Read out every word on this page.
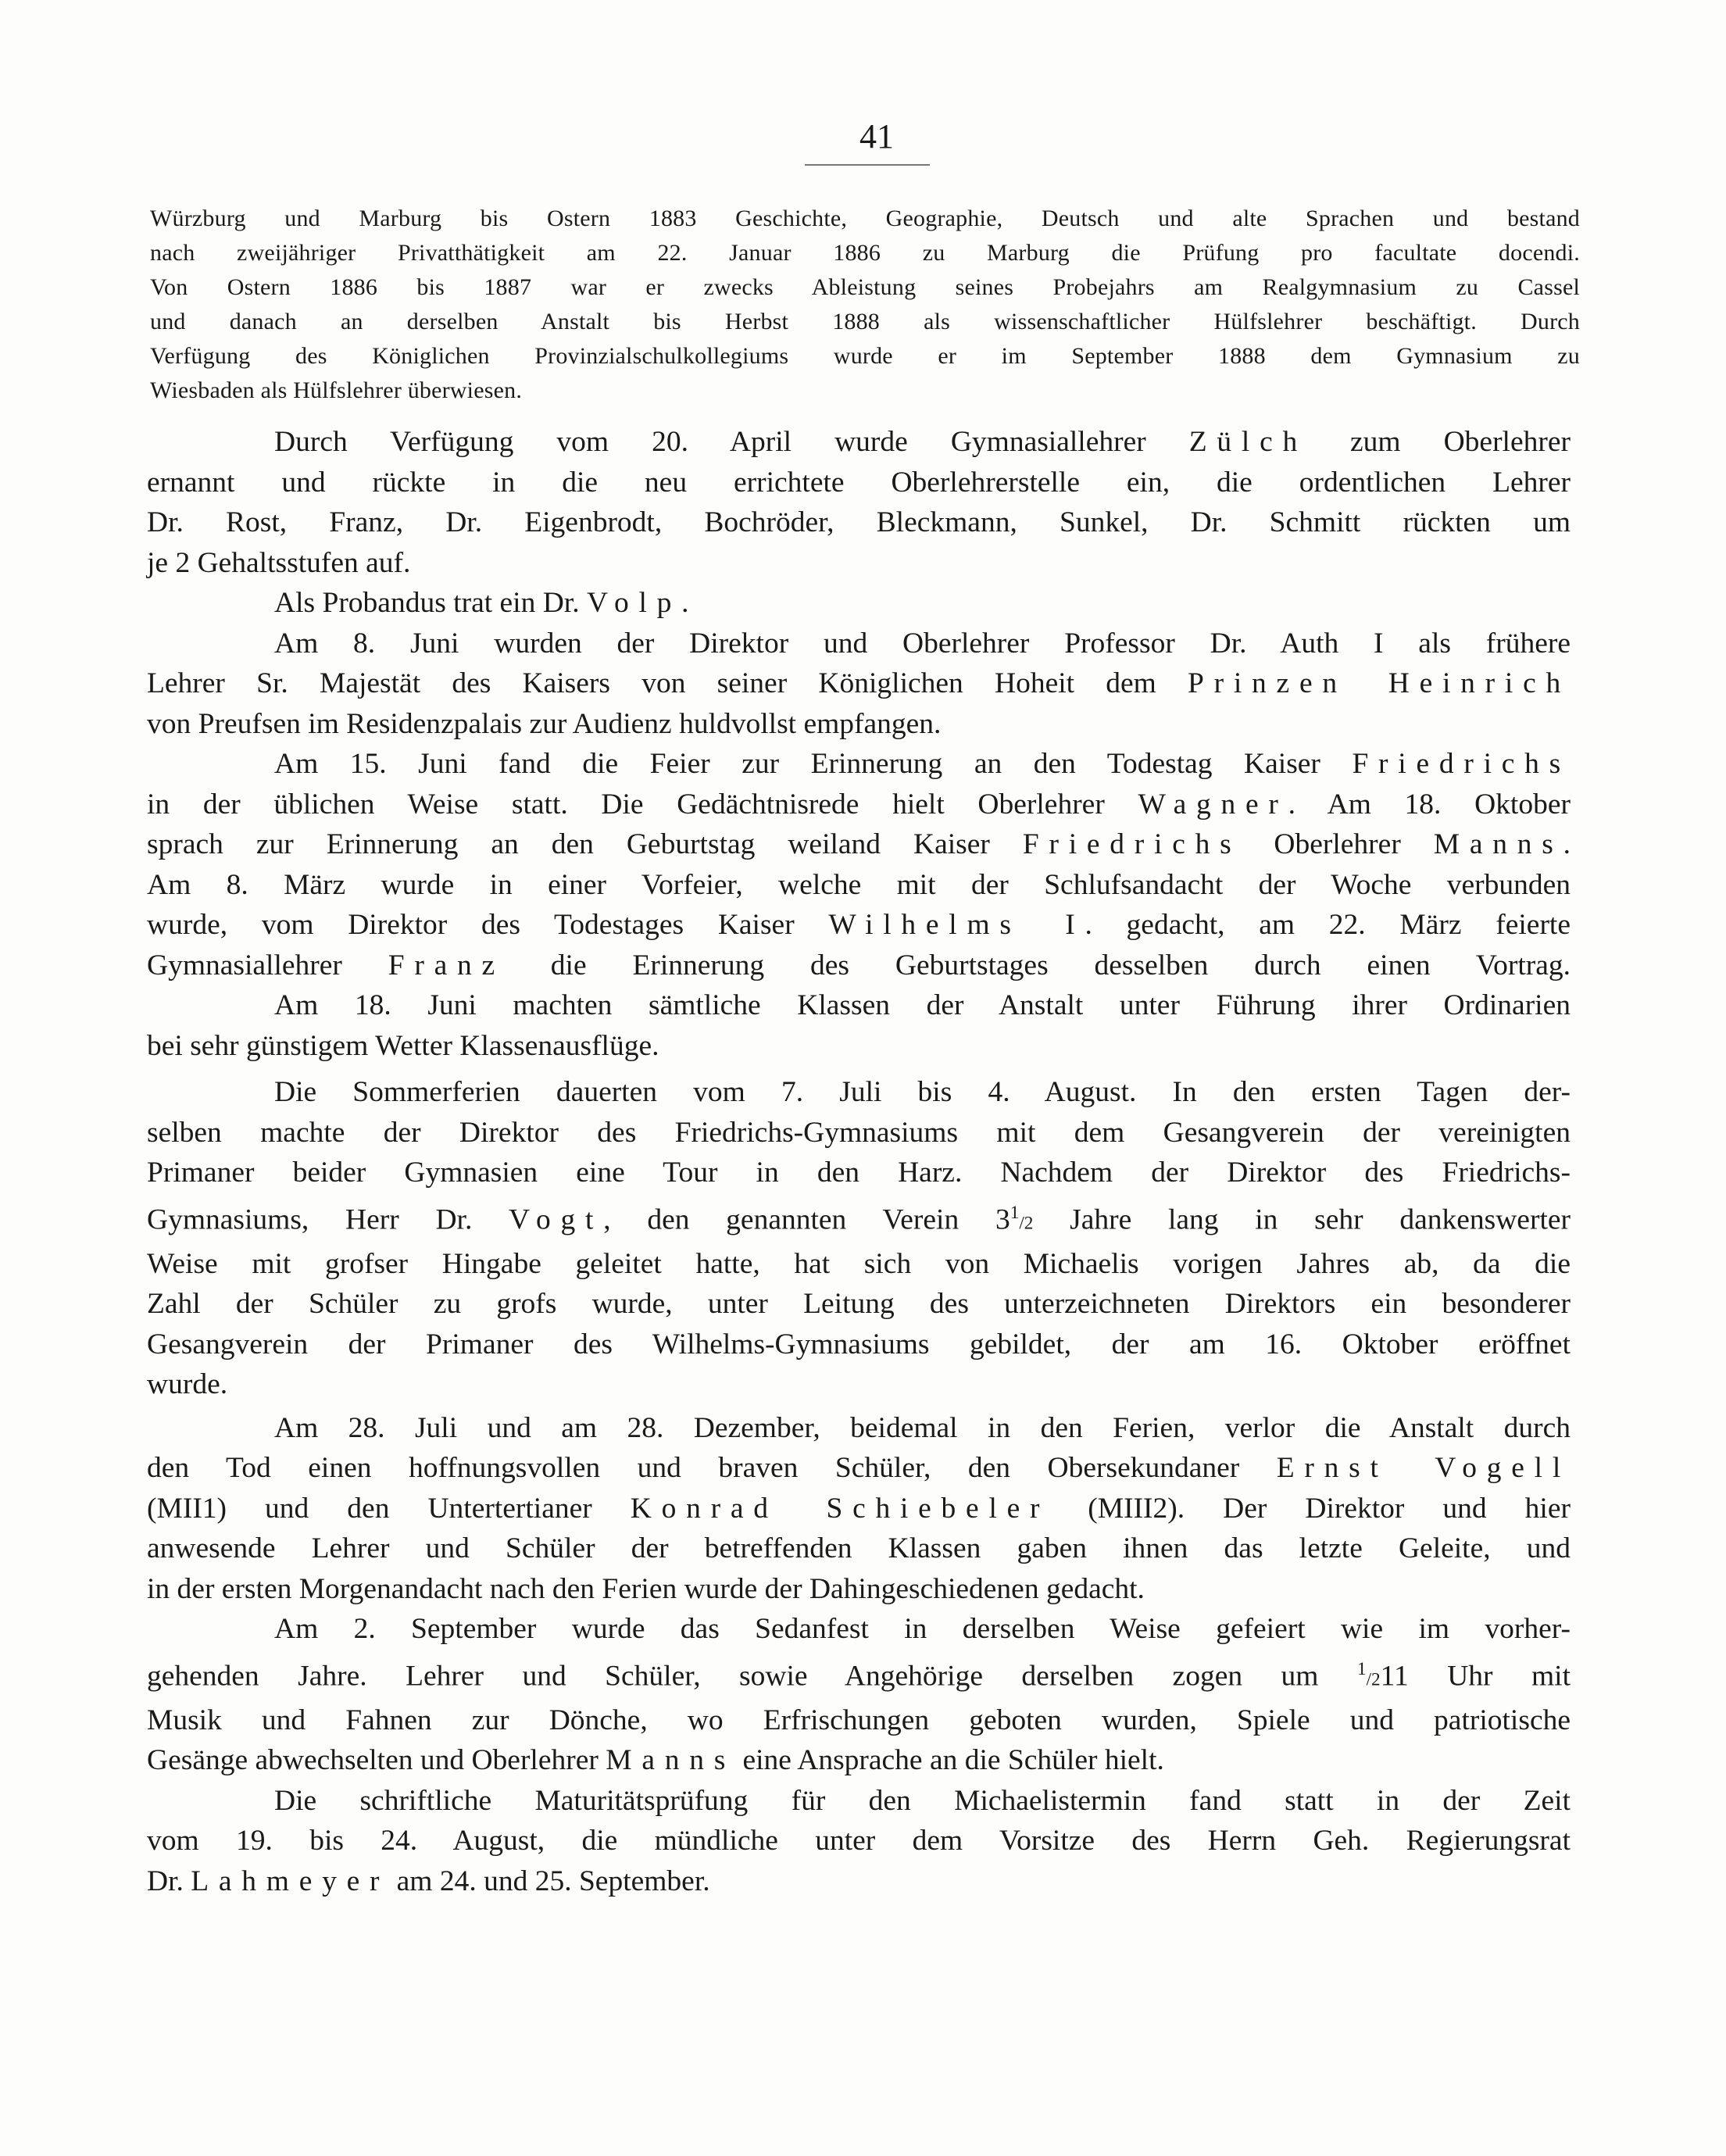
41
Würzburg und Marburg bis Ostern 1883 Geschichte, Geographie, Deutsch und alte Sprachen und bestand
nach zweijähriger Privatthätigkeit am 22. Januar 1886 zu Marburg die Prüfung pro facultate docendi.
Von Ostern 1886 bis 1887 war er zwecks Ableistung seines Probejahrs am Realgymnasium zu Cassel
und danach an derselben Anstalt bis Herbst 1888 als wissenschaftlicher Hülfslehrer beschäftigt. Durch
Verfügung des Königlichen Provinzialschulkollegiums wurde er im September 1888 dem Gymnasium zu
Wiesbaden als Hülfslehrer überwiesen.
Durch Verfügung vom 20. April wurde Gymnasiallehrer Zülch zum Oberlehrer
ernannt und rückte in die neu errichtete Oberlehrerstelle ein, die ordentlichen Lehrer
Dr. Rost, Franz, Dr. Eigenbrodt, Bochröder, Bleckmann, Sunkel, Dr. Schmitt rückten um
je 2 Gehaltsstufen auf.
Als Probandus trat ein Dr. Volp.
Am 8. Juni wurden der Direktor und Oberlehrer Professor Dr. Auth I als frühere
Lehrer Sr. Majestät des Kaisers von seiner Königlichen Hoheit dem Prinzen Heinrich
von Preufsen im Residenzpalais zur Audienz huldvollst empfangen.
Am 15. Juni fand die Feier zur Erinnerung an den Todestag Kaiser Friedrichs
in der üblichen Weise statt. Die Gedächtnisrede hielt Oberlehrer Wagner. Am 18. Oktober
sprach zur Erinnerung an den Geburtstag weiland Kaiser Friedrichs Oberlehrer Manns.
Am 8. März wurde in einer Vorfeier, welche mit der Schlufsandacht der Woche verbunden
wurde, vom Direktor des Todestages Kaiser Wilhelms I. gedacht, am 22. März feierte
Gymnasiallehrer Franz die Erinnerung des Geburtstages desselben durch einen Vortrag.
Am 18. Juni machten sämtliche Klassen der Anstalt unter Führung ihrer Ordinarien
bei sehr günstigem Wetter Klassenausflüge.
Die Sommerferien dauerten vom 7. Juli bis 4. August. In den ersten Tagen der-
selben machte der Direktor des Friedrichs-Gymnasiums mit dem Gesangverein der vereinigten
Primaner beider Gymnasien eine Tour in den Harz. Nachdem der Direktor des Friedrichs-
Gymnasiums, Herr Dr. Vogt, den genannten Verein $3^1/2$ Jahre lang in sehr dankenswerter
Weise mit grofser Hingabe geleitet hatte, hat sich von Michaelis vorigen Jahres ab, da die
Zahl der Schüler zu grofs wurde, unter Leitung des unterzeichneten Direktors ein besonderer
Gesangverein der Primaner des Wilhelms-Gymnasiums gebildet, der am 16. Oktober eröffnet
wurde.
Am 28. Juli und am 28. Dezember, beidemal in den Ferien, verlor die Anstalt durch
den Tod einen hoffnungsvollen und braven Schüler, den Obersekundaner Ernst Vogell
(MII1) und den Untertertianer Konrad Schiebeler (MIII2). Der Direktor und hier
anwesende Lehrer und Schüler der betreffenden Klassen gaben ihnen das letzte Geleite, und
in der ersten Morgenandacht nach den Ferien wurde der Dahingeschiedenen gedacht.
Am 2. September wurde das Sedanfest in derselben Weise gefeiert wie im vorher-
gehenden Jahre. Lehrer und Schüler, sowie Angehörige derselben zogen um $^1$/211 Uhr mit
Musik und Fahnen zur Dönche, wo Erfrischungen geboten wurden, Spiele und patriotische
Gesänge abwechselten und Oberlehrer Manns eine Ansprache an die Schüler hielt.
Die schriftliche Maturitätsprüfung für den Michaelistermin fand statt in der Zeit
vom 19. bis 24. August, die mündliche unter dem Vorsitze des Herrn Geh. Regierungsrat
Dr. Lahmeyer am 24. und 25. September.
